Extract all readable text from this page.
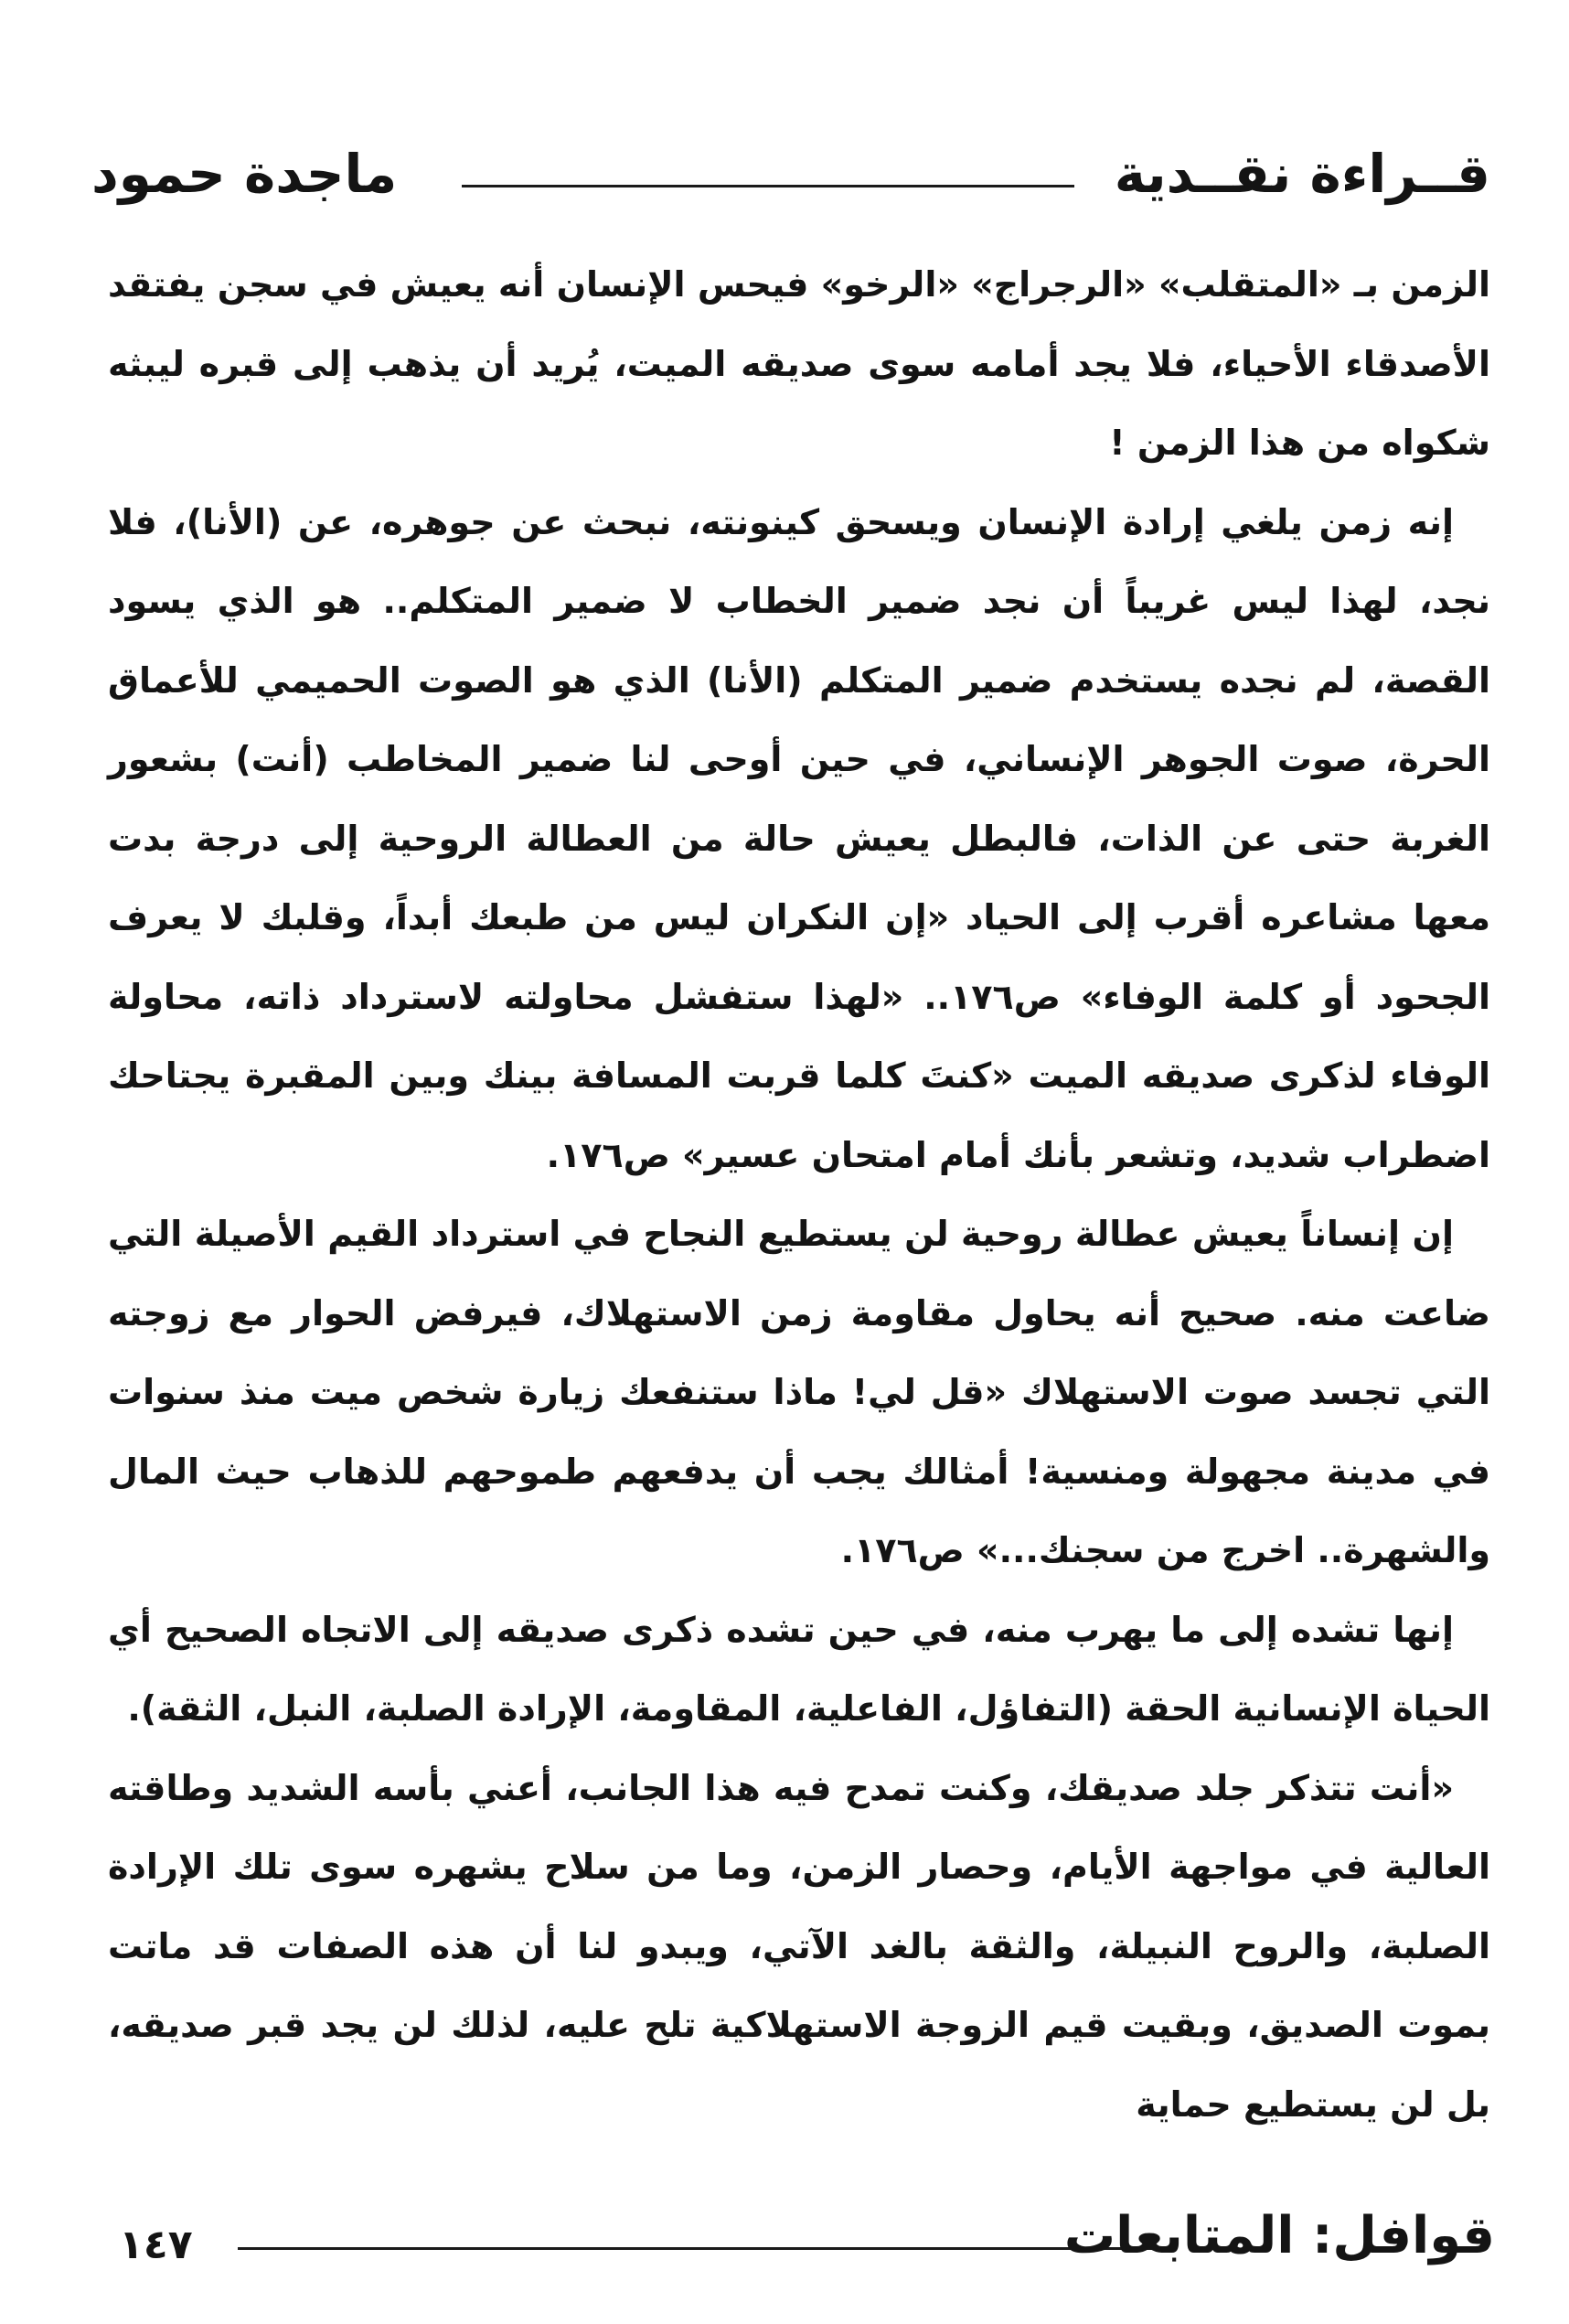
قــراءة نقــدية
ماجدة حمود

الزمن بـ «المتقلب» «الرجراج» «الرخو» فيحس الإنسان أنه يعيش في سجن يفتقد الأصدقاء الأحياء، فلا يجد أمامه سوى صديقه الميت، يُريد أن يذهب إلى قبره ليبثه شكواه من هذا الزمن !

إنه زمن يلغي إرادة الإنسان ويسحق كينونته، نبحث عن جوهره، عن (الأنا)، فلا نجد، لهذا ليس غريباً أن نجد ضمير الخطاب لا ضمير المتكلم.. هو الذي يسود القصة، لم نجده يستخدم ضمير المتكلم (الأنا) الذي هو الصوت الحميمي للأعماق الحرة، صوت الجوهر الإنساني، في حين أوحى لنا ضمير المخاطب (أنت) بشعور الغربة حتى عن الذات، فالبطل يعيش حالة من العطالة الروحية إلى درجة بدت معها مشاعره أقرب إلى الحياد «إن النكران ليس من طبعك أبداً، وقلبك لا يعرف الجحود أو كلمة الوفاء» ص١٧٦.. «لهذا ستفشل محاولته لاسترداد ذاته، محاولة الوفاء لذكرى صديقه الميت «كنتَ كلما قربت المسافة بينك وبين المقبرة يجتاحك اضطراب شديد، وتشعر بأنك أمام امتحان عسير» ص١٧٦.

إن إنساناً يعيش عطالة روحية لن يستطيع النجاح في استرداد القيم الأصيلة التي ضاعت منه. صحيح أنه يحاول مقاومة زمن الاستهلاك، فيرفض الحوار مع زوجته التي تجسد صوت الاستهلاك «قل لي! ماذا ستنفعك زيارة شخص ميت منذ سنوات في مدينة مجهولة ومنسية! أمثالك يجب أن يدفعهم طموحهم للذهاب حيث المال والشهرة.. اخرج من سجنك...» ص١٧٦.

إنها تشده إلى ما يهرب منه، في حين تشده ذكرى صديقه إلى الاتجاه الصحيح أي الحياة الإنسانية الحقة (التفاؤل، الفاعلية، المقاومة، الإرادة الصلبة، النبل، الثقة).

«أنت تتذكر جلد صديقك، وكنت تمدح فيه هذا الجانب، أعني بأسه الشديد وطاقته العالية في مواجهة الأيام، وحصار الزمن، وما من سلاح يشهره سوى تلك الإرادة الصلبة، والروح النبيلة، والثقة بالغد الآتي، ويبدو لنا أن هذه الصفات قد ماتت بموت الصديق، وبقيت قيم الزوجة الاستهلاكية تلح عليه، لذلك لن يجد قبر صديقه، بل لن يستطيع حماية

١٤٧	قوافل: المتابعات
